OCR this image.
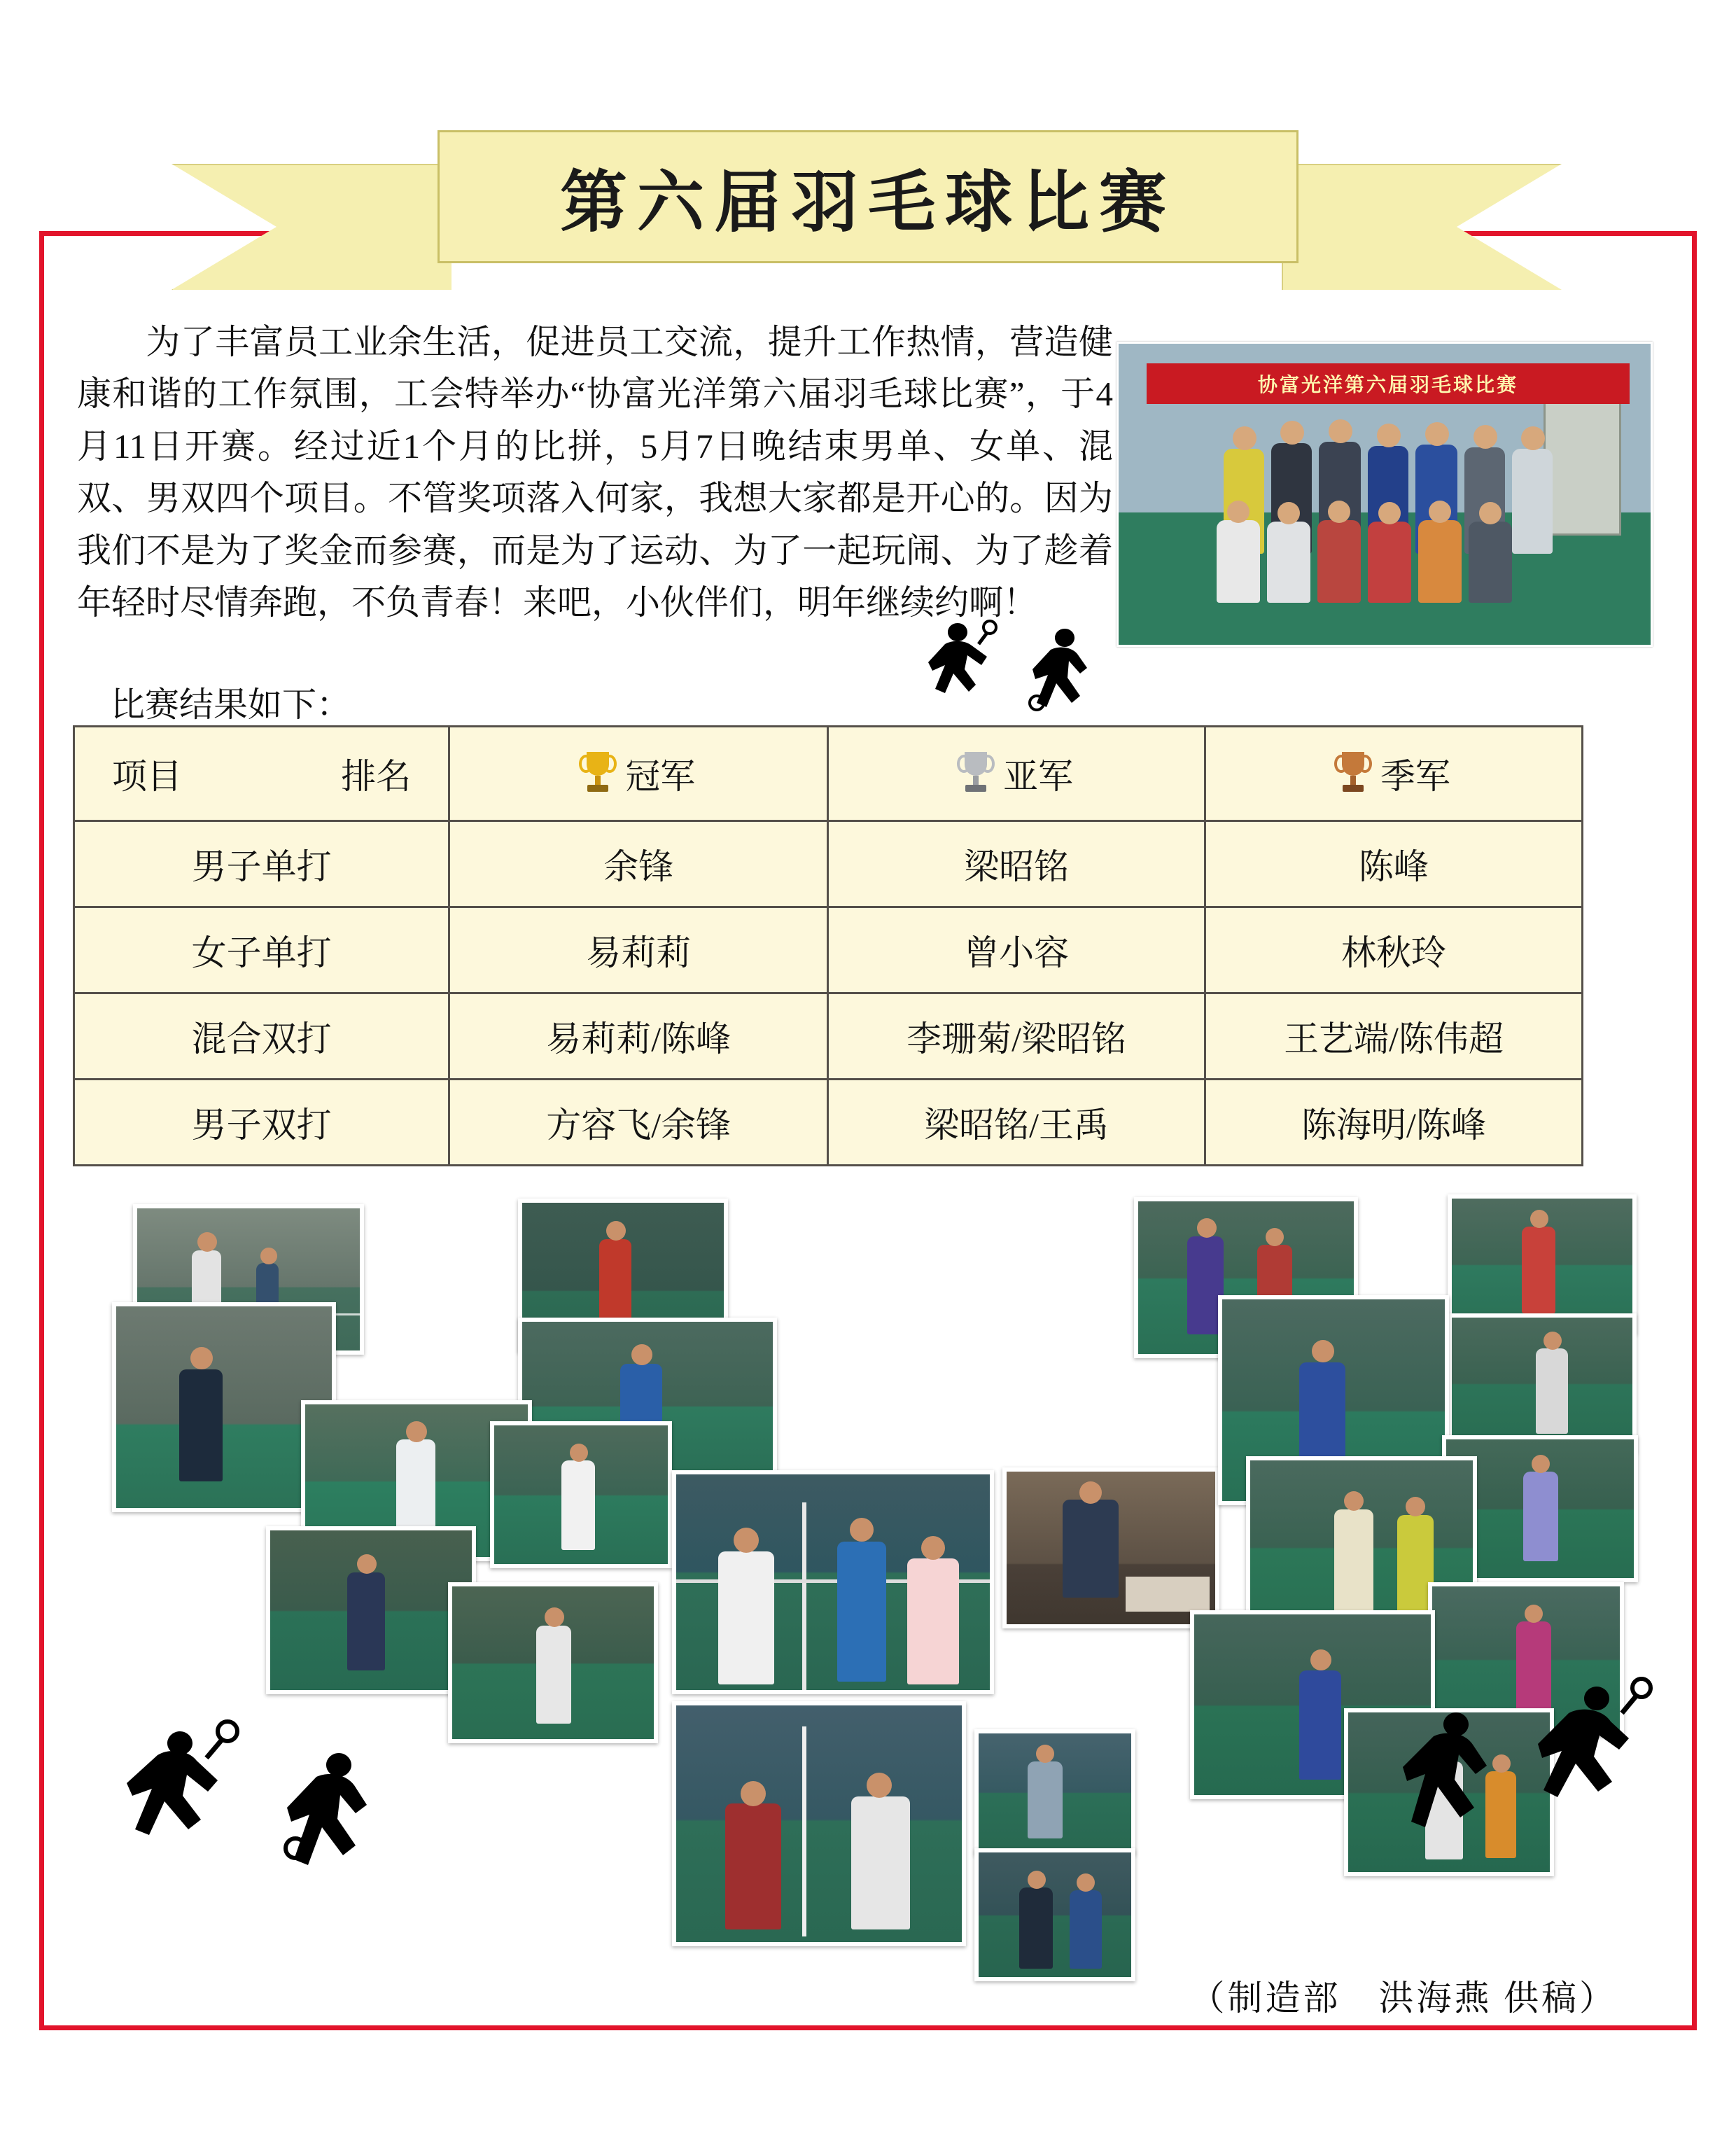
第六届羽毛球比赛

为了丰富员工业余生活，促进员工交流，提升工作热情，营造健康和谐的工作氛围，工会特举办“协富光洋第六届羽毛球比赛”，于4月11日开赛。经过近1个月的比拼，5月7日晚结束男单、女单、混双、男双四个项目。不管奖项落入何家，我想大家都是开心的。因为我们不是为了奖金而参赛，而是为了运动、为了一起玩闹、为了趁着年轻时尽情奔跑，不负青春！来吧，小伙伴们，明年继续约啊！

比赛结果如下：
协富光洋第六届羽毛球比赛
项目 排名	冠军	亚军	季军

男子单打	余锋	梁昭铭	陈峰
女子单打	易莉莉	曾小容	林秋玲
混合双打	易莉莉/陈峰	李珊菊/梁昭铭	王艺端/陈伟超
男子双打	方容飞/余锋	梁昭铭/王禹	陈海明/陈峰
（制造部　洪海燕 供稿）
